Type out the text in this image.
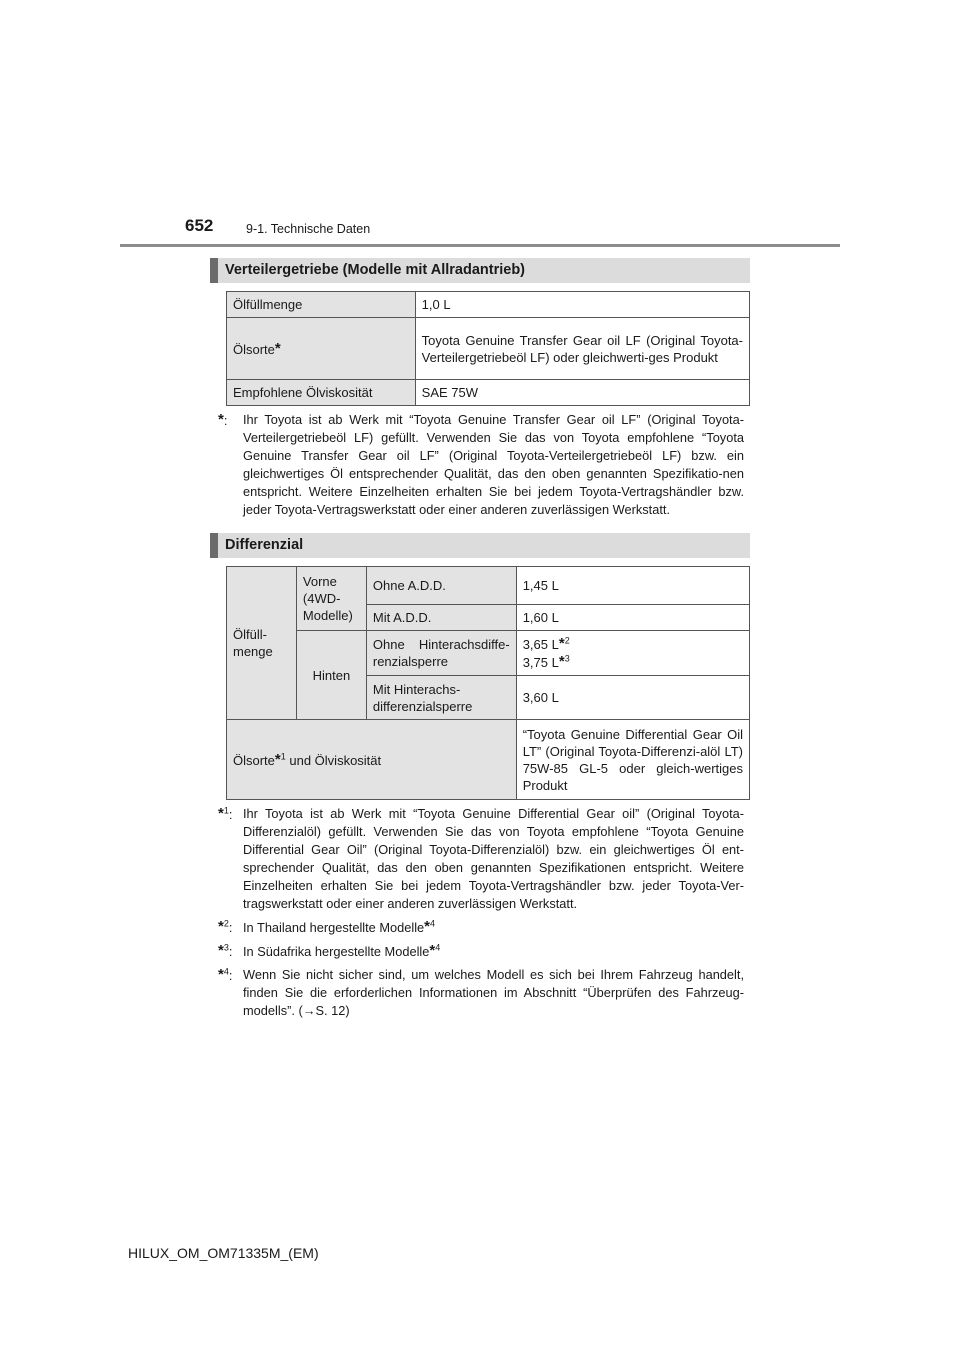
652	9-1. Technische Daten
Verteilergetriebe (Modelle mit Allradantrieb)
Ölfüllmenge	1,0 L
Ölsorte*	Toyota Genuine Transfer Gear oil LF (Original Toyota-Verteilergetriebeöl LF) oder gleichwerti-ges Produkt
Empfohlene Ölviskosität	SAE 75W
*:	Ihr Toyota ist ab Werk mit “Toyota Genuine Transfer Gear oil LF” (Original Toyota-Verteilergetriebeöl LF) gefüllt. Verwenden Sie das von Toyota empfohlene “Toyota Genuine Transfer Gear oil LF” (Original Toyota-Verteilergetriebeöl LF) bzw. ein gleichwertiges Öl entsprechender Qualität, das den oben genannten Spezifikatio-nen entspricht. Weitere Einzelheiten erhalten Sie bei jedem Toyota-Vertragshändler bzw. jeder Toyota-Vertragswerkstatt oder einer anderen zuverlässigen Werkstatt.
Differenzial
Ölfüll-menge	Vorne (4WD-Modelle)	Ohne A.D.D.	1,45 L
		Mit A.D.D.	1,60 L
	Hinten	Ohne Hinterachsdiffe-renzialsperre	3,65 L*$^2$
3,75 L*$^3$
		Mit Hinterachs-differenzialsperre	3,60 L
Ölsorte*$^1$ und Ölviskosität			“Toyota Genuine Differential Gear Oil LT” (Original Toyota-Differenzi-alöl LT) 75W-85 GL-5 oder gleich-wertiges Produkt
*$^1$: Ihr Toyota ist ab Werk mit “Toyota Genuine Differential Gear oil” (Original Toyota-Differenzialöl) gefüllt. Verwenden Sie das von Toyota empfohlene “Toyota Genuine Differential Gear Oil” (Original Toyota-Differenzialöl) bzw. ein gleichwertiges Öl ent-sprechender Qualität, das den oben genannten Spezifikationen entspricht. Weitere Einzelheiten erhalten Sie bei jedem Toyota-Vertragshändler bzw. jeder Toyota-Ver-tragswerkstatt oder einer anderen zuverlässigen Werkstatt.
*$^2$: In Thailand hergestellte Modelle*$^4$
*$^3$: In Südafrika hergestellte Modelle*$^4$
*$^4$: Wenn Sie nicht sicher sind, um welches Modell es sich bei Ihrem Fahrzeug handelt, finden Sie die erforderlichen Informationen im Abschnitt “Überprüfen des Fahrzeug-modells”. (→S. 12)
HILUX_OM_OM71335M_(EM)
